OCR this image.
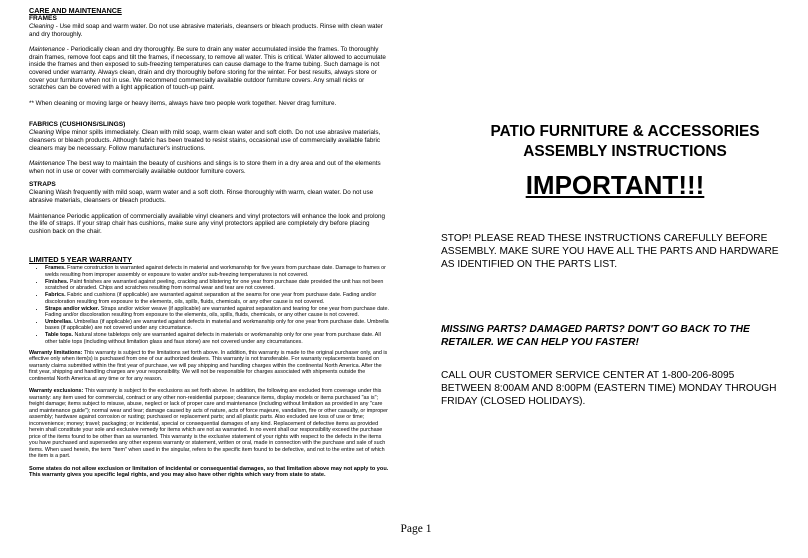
CARE AND MAINTENANCE

FRAMES

Cleaning - Use mild soap and warm water. Do not use abrasive materials, cleansers or bleach products. Rinse with clean water and dry thoroughly.

Maintenance - Periodically clean and dry thoroughly. Be sure to drain any water accumulated inside the frames. To thoroughly drain frames, remove foot caps and tilt the frames, if necessary, to remove all water. This is critical. Water allowed to accumulate inside the frames and then exposed to sub-freezing temperatures can cause damage to the frame tubing. Such damage is not covered under warranty. Always clean, drain and dry thoroughly before storing for the winter. For best results, always store or cover your furniture when not in use. We recommend commercially available outdoor furniture covers. Any small nicks or scratches can be covered with a light application of touch-up paint.

** When cleaning or moving large or heavy items, always have two people work together. Never drag furniture.

FABRICS (CUSHIONS/SLINGS)

Cleaning Wipe minor spills immediately. Clean with mild soap, warm clean water and soft cloth. Do not use abrasive materials, cleansers or bleach products. Although fabric has been treated to resist stains, occasional use of commercially available fabric cleaners may be necessary. Follow manufacturer's instructions.

Maintenance The best way to maintain the beauty of cushions and slings is to store them in a dry area and out of the elements when not in use or cover with commercially available outdoor furniture covers.

STRAPS

Cleaning Wash frequently with mild soap, warm water and a soft cloth. Rinse thoroughly with warm, clean water. Do not use abrasive materials, cleansers or bleach products.

Maintenance Periodic application of commercially available vinyl cleaners and vinyl protectors will enhance the look and prolong the life of straps. If your strap chair has cushions, make sure any vinyl protectors applied are completely dry before placing cushion back on the chair.

LIMITED 5 YEAR WARRANTY

• Frames. Frame construction is warranted against defects in material and workmanship for five years from purchase date. Damage to frames or welds resulting from improper assembly or exposure to water and/or sub-freezing temperatures is not covered.
• Finishes. Paint finishes are warranted against peeling, cracking and blistering for one year from purchase date provided the unit has not been scratched or abraded. Chips and scratches resulting from normal wear and tear are not covered.
• Fabrics. Fabric and cushions (if applicable) are warranted against separation at the seams for one year from purchase date. Fading and/or discoloration resulting from exposure to the elements, oils, spills, fluids, chemicals, or any other cause is not covered.
• Straps and/or wicker. Straps and/or wicker weave (if applicable) are warranted against separation and tearing for one year from purchase date. Fading and/or discoloration resulting from exposure to the elements, oils, spills, fluids, chemicals, or any other cause is not covered.
• Umbrellas. Umbrellas (if applicable) are warranted against defects in material and workmanship only for one year from purchase date. Umbrella bases (if applicable) are not covered under any circumstance.
• Table tops. Natural stone tabletops only are warranted against defects in materials or workmanship only for one year from purchase date. All other table tops (including without limitation glass and faux stone) are not covered under any circumstances.

Warranty limitations: This warranty is subject to the limitations set forth above. In addition, this warranty is made to the original purchaser only, and is effective only when item(s) is purchased from one of our authorized dealers. This warranty is not transferable. For warranty replacements based on warranty claims submitted within the first year of purchase, we will pay shipping and handling charges within the continental North America. After the first year, shipping and handling charges are your responsibility. We will not be responsible for charges associated with shipments outside the continental North America at any time or for any reason.

Warranty exclusions: This warranty is subject to the exclusions as set forth above. In addition, the following are excluded from coverage under this warranty: any item used for commercial, contract or any other non-residential purpose; clearance items, display models or items purchased "as is"; freight damage; items subject to misuse, abuse, neglect or lack of proper care and maintenance (including without limitation as provided in any "care and maintenance guide"); normal wear and tear; damage caused by acts of nature, acts of force majeure, vandalism, fire or other casualty, or improper assembly; hardware against corrosion or rusting; purchased or replacement parts; and all plastic parts. Also excluded are loss of use or time; inconvenience; money; travel; packaging; or incidental, special or consequential damages of any kind. Replacement of defective items as provided herein shall constitute your sole and exclusive remedy for items which are not as warranted. In no event shall our responsibility exceed the purchase price of the items found to be other than as warranted. This warranty is the exclusive statement of your rights with respect to the defects in the items you have purchased and supersedes any other express warranty or statement, written or oral, made in connection with the purchase and sale of such items. When used herein, the term "item" when used in the singular, refers to the specific item found to be defective, and not to the entire set of which the item is a part.

Some states do not allow exclusion or limitation of incidental or consequential damages, so that limitation above may not apply to you. This warranty gives you specific legal rights, and you may also have other rights which vary from state to state.

PATIO FURNITURE & ACCESSORIES
ASSEMBLY INSTRUCTIONS
IMPORTANT!!!
STOP! PLEASE READ THESE INSTRUCTIONS CAREFULLY BEFORE ASSEMBLY. MAKE SURE YOU HAVE ALL THE PARTS AND HARDWARE AS IDENTIFIED ON THE PARTS LIST.
MISSING PARTS? DAMAGED PARTS? DON'T GO BACK TO THE RETAILER. WE CAN HELP YOU FASTER!
CALL OUR CUSTOMER SERVICE CENTER AT 1-800-206-8095 BETWEEN 8:00AM AND 8:00PM (EASTERN TIME) MONDAY THROUGH FRIDAY (CLOSED HOLIDAYS).
Page 1
